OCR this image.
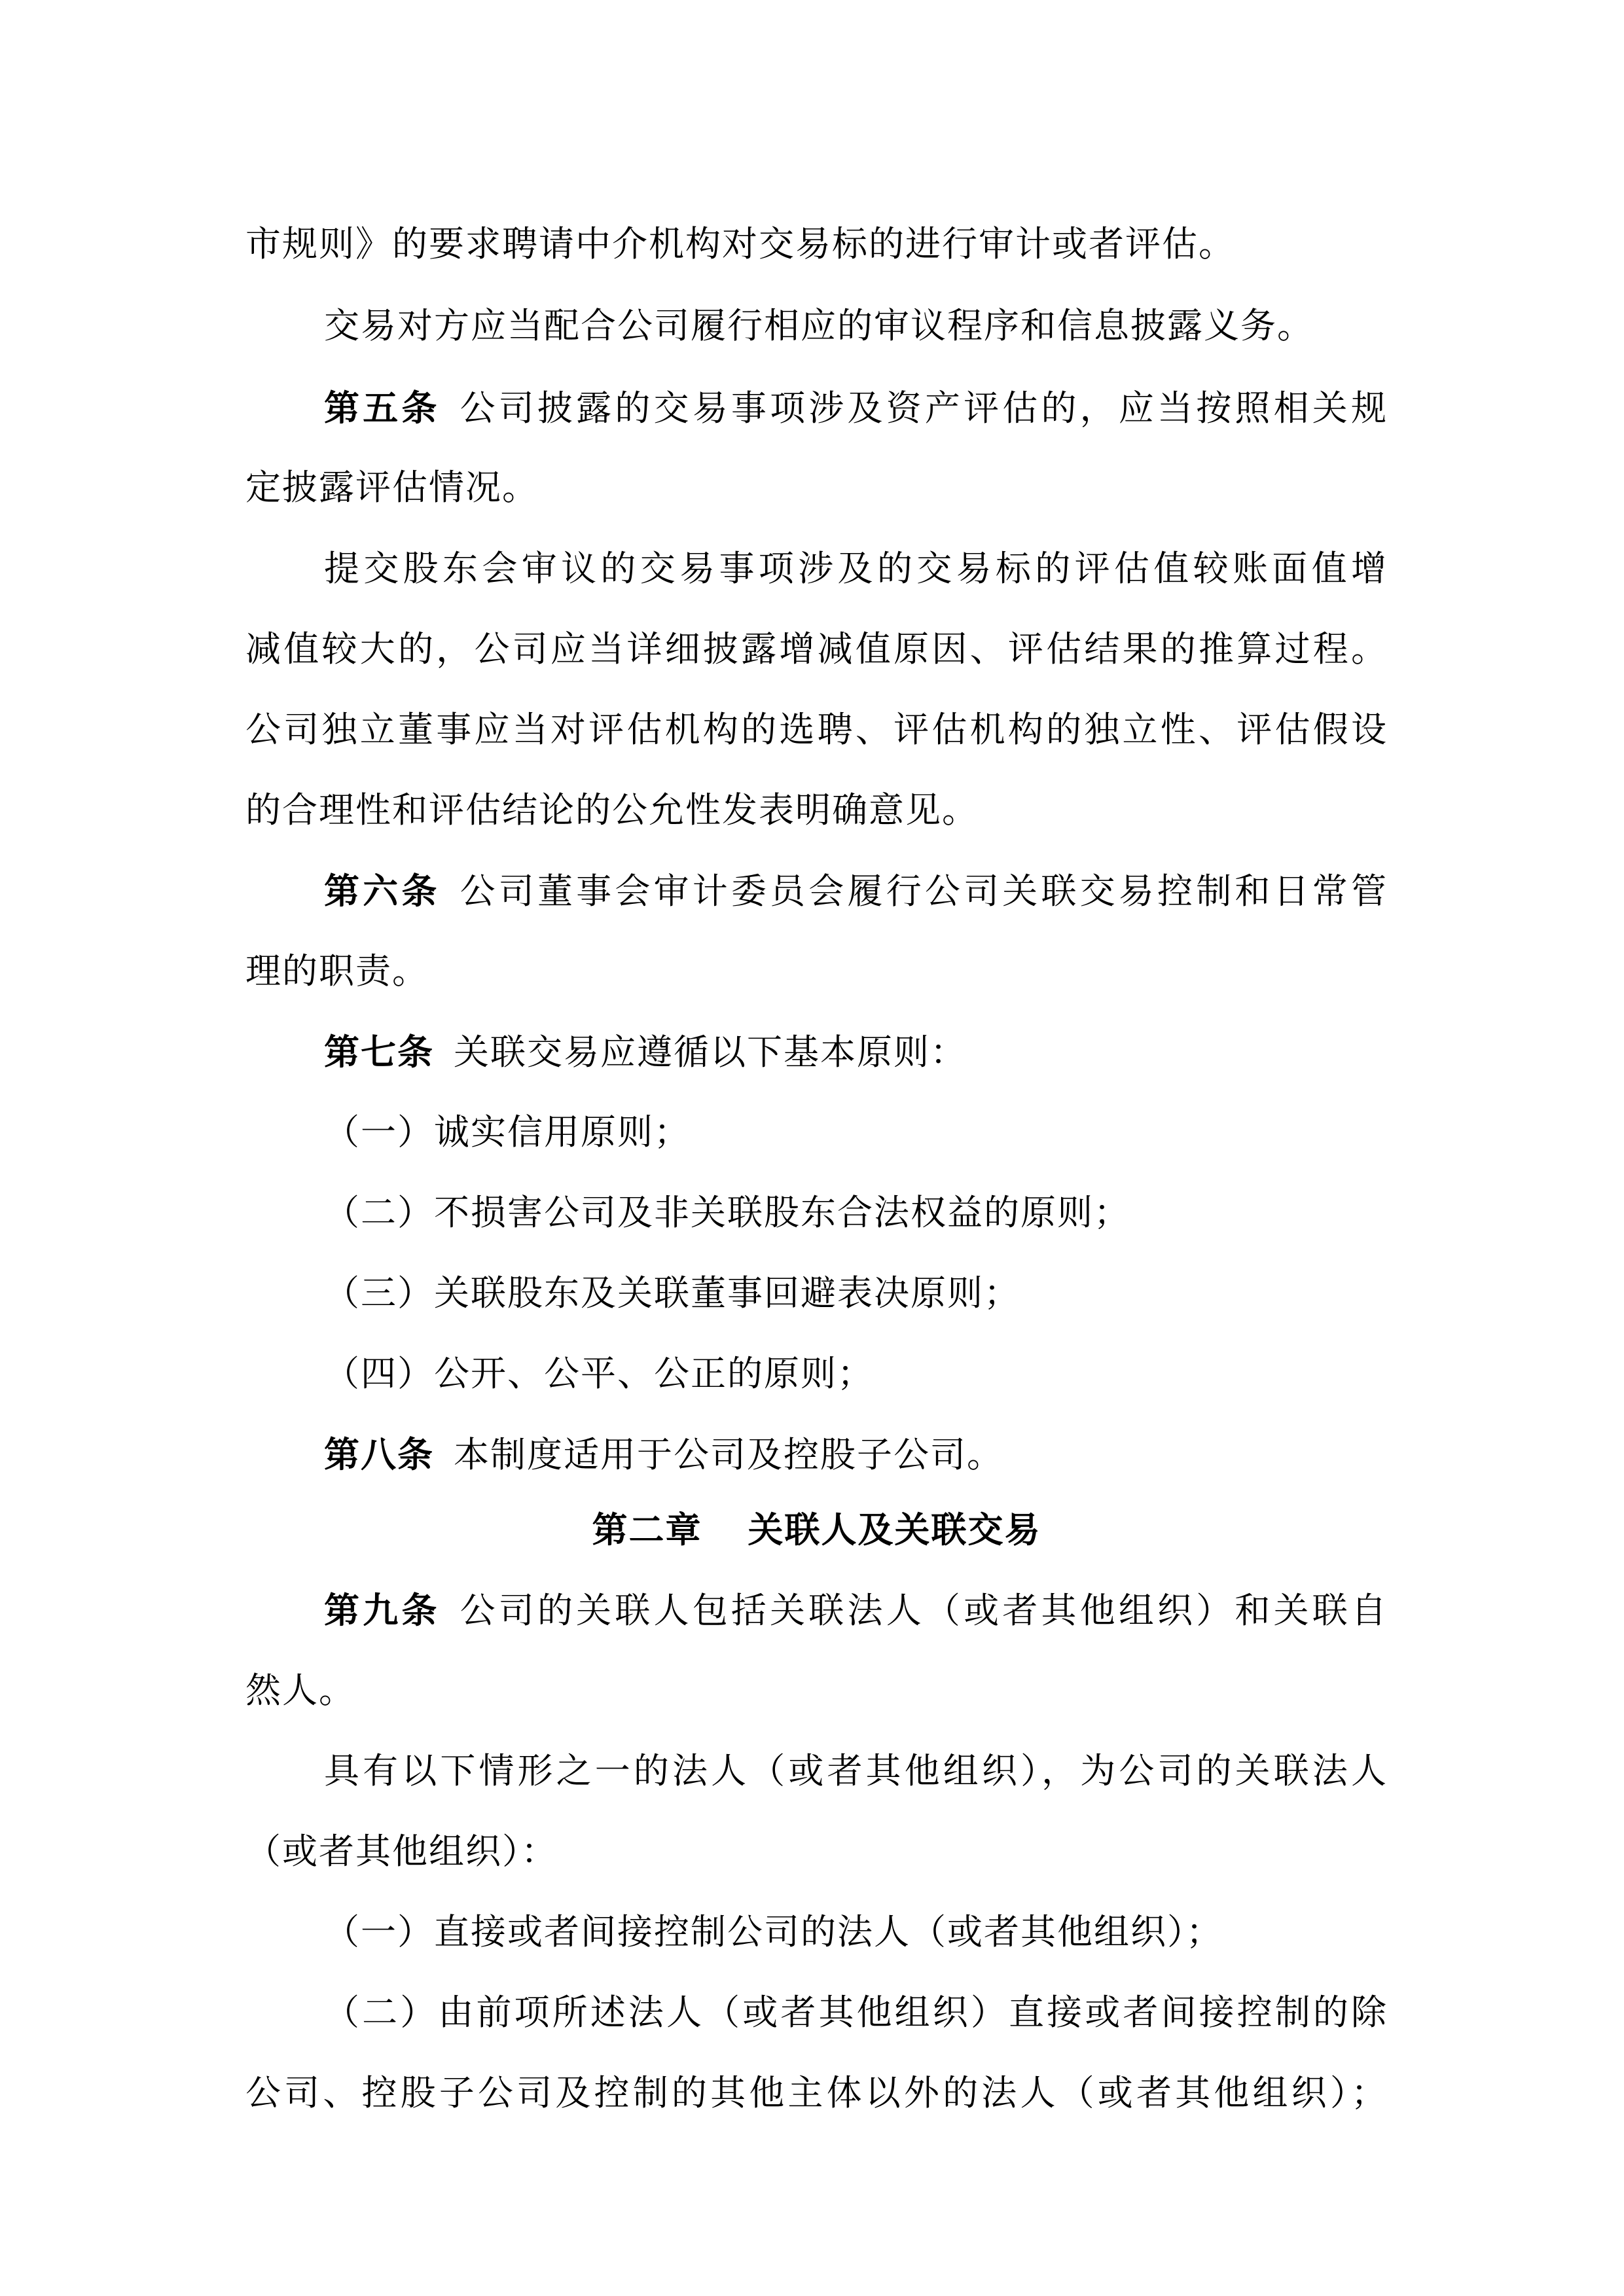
市规则》的要求聘请中介机构对交易标的进行审计或者评估。
交易对方应当配合公司履行相应的审议程序和信息披露义务。
第五条 公司披露的交易事项涉及资产评估的，应当按照相关规
定披露评估情况。
提交股东会审议的交易事项涉及的交易标的评估值较账面值增
减值较大的，公司应当详细披露增减值原因、评估结果的推算过程。
公司独立董事应当对评估机构的选聘、评估机构的独立性、评估假设
的合理性和评估结论的公允性发表明确意见。
第六条 公司董事会审计委员会履行公司关联交易控制和日常管
理的职责。
第七条 关联交易应遵循以下基本原则：
（一）诚实信用原则；
（二）不损害公司及非关联股东合法权益的原则；
（三）关联股东及关联董事回避表决原则；
（四）公开、公平、公正的原则；
第八条 本制度适用于公司及控股子公司。
第二章 关联人及关联交易
第九条 公司的关联人包括关联法人（或者其他组织）和关联自
然人。
具有以下情形之一的法人（或者其他组织），为公司的关联法人
（或者其他组织）：
（一）直接或者间接控制公司的法人（或者其他组织）；
（二）由前项所述法人（或者其他组织）直接或者间接控制的除
公司、控股子公司及控制的其他主体以外的法人（或者其他组织）；
